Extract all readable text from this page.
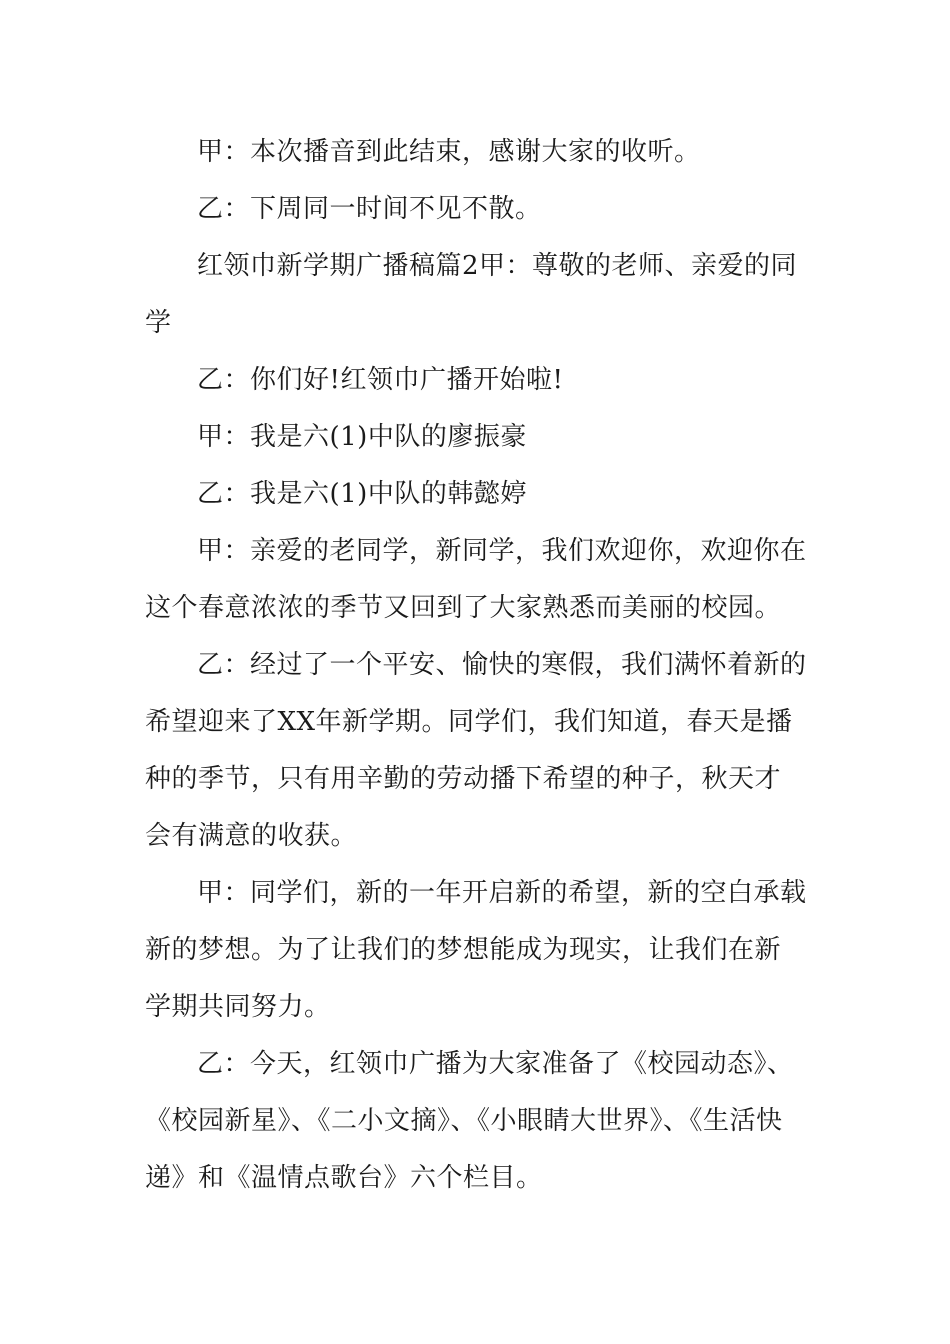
甲：本次播音到此结束，感谢大家的收听。

乙：下周同一时间不见不散。

红领巾新学期广播稿篇2甲：尊敬的老师、亲爱的同学

乙：你们好!红领巾广播开始啦!

甲：我是六(1)中队的廖振豪

乙：我是六(1)中队的韩懿婷

甲：亲爱的老同学，新同学，我们欢迎你，欢迎你在这个春意浓浓的季节又回到了大家熟悉而美丽的校园。

乙：经过了一个平安、愉快的寒假，我们满怀着新的希望迎来了XX年新学期。同学们，我们知道，春天是播种的季节，只有用辛勤的劳动播下希望的种子，秋天才会有满意的收获。

甲：同学们，新的一年开启新的希望，新的空白承载新的梦想。为了让我们的梦想能成为现实，让我们在新学期共同努力。

乙：今天，红领巾广播为大家准备了《校园动态》、《校园新星》、《二小文摘》、《小眼睛大世界》、《生活快递》和《温情点歌台》六个栏目。
